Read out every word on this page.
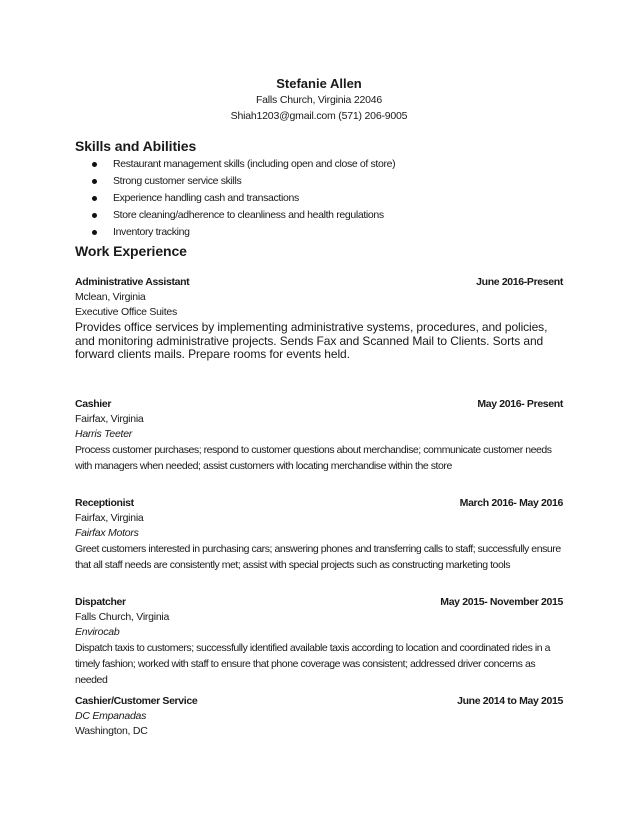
Stefanie Allen
Falls Church, Virginia 22046
Shiah1203@gmail.com (571) 206-9005
Skills and Abilities
Restaurant management skills (including open and close of store)
Strong customer service skills
Experience handling cash and transactions
Store cleaning/adherence to cleanliness and health regulations
Inventory tracking
Work Experience
Administrative Assistant	June 2016-Present
Mclean, Virginia
Executive Office Suites
Provides office services by implementing administrative systems, procedures, and policies, and monitoring administrative projects. Sends Fax and Scanned Mail to Clients. Sorts and forward clients mails. Prepare rooms for events held.
Cashier	May 2016- Present
Fairfax, Virginia
Harris Teeter
Process customer purchases; respond to customer questions about merchandise; communicate customer needs with managers when needed; assist customers with locating merchandise within the store
Receptionist	March 2016- May 2016
Fairfax, Virginia
Fairfax Motors
Greet customers interested in purchasing cars; answering phones and transferring calls to staff; successfully ensure that all staff needs are consistently met; assist with special projects such as constructing marketing tools
Dispatcher	May 2015- November 2015
Falls Church, Virginia
Envirocab
Dispatch taxis to customers; successfully identified available taxis according to location and coordinated rides in a timely fashion; worked with staff to ensure that phone coverage was consistent; addressed driver concerns as needed
Cashier/Customer Service	June 2014 to May 2015
DC Empanadas
Washington, DC
